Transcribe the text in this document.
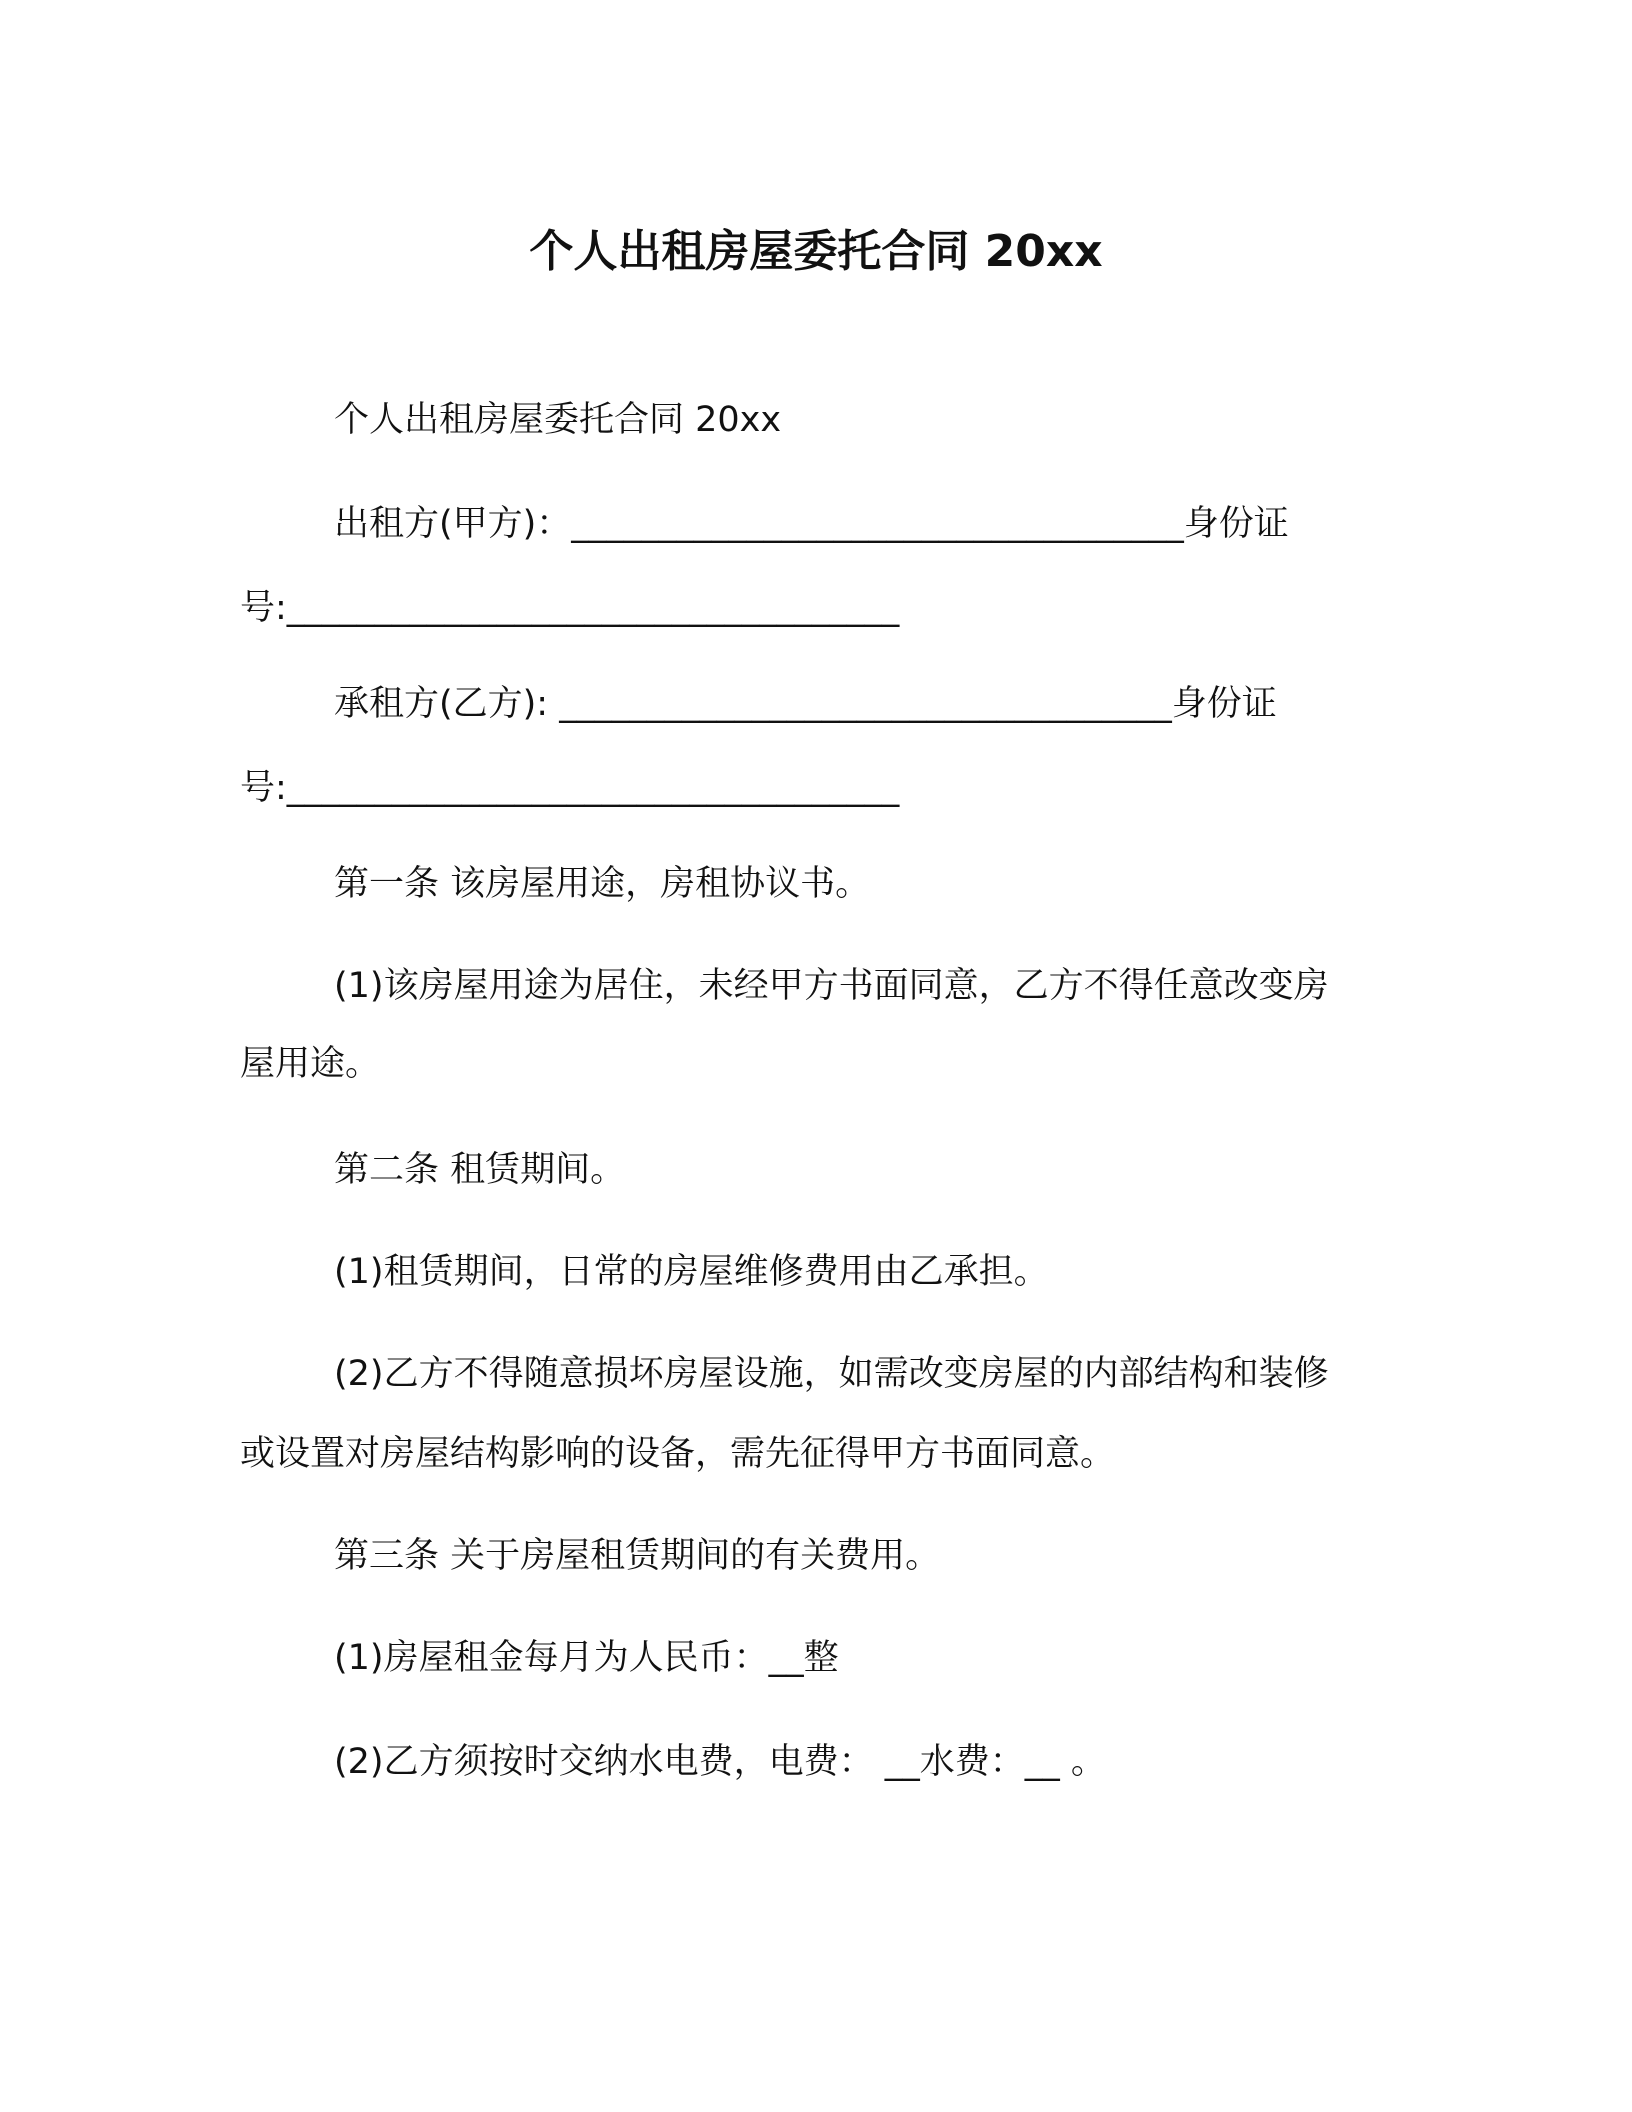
个人出租房屋委托合同 20xx
个人出租房屋委托合同 20xx
出租方(甲方)：___________________________________身份证
号:___________________________________
承租方(乙方): ___________________________________身份证
号:___________________________________
第一条 该房屋用途，房租协议书。
(1)该房屋用途为居住，未经甲方书面同意，乙方不得任意改变房
屋用途。
第二条 租赁期间。
(1)租赁期间，日常的房屋维修费用由乙承担。
(2)乙方不得随意损坏房屋设施，如需改变房屋的内部结构和装修
或设置对房屋结构影响的设备，需先征得甲方书面同意。
第三条 关于房屋租赁期间的有关费用。
(1)房屋租金每月为人民币：__整
(2)乙方须按时交纳水电费，电费： __水费：__ 。
